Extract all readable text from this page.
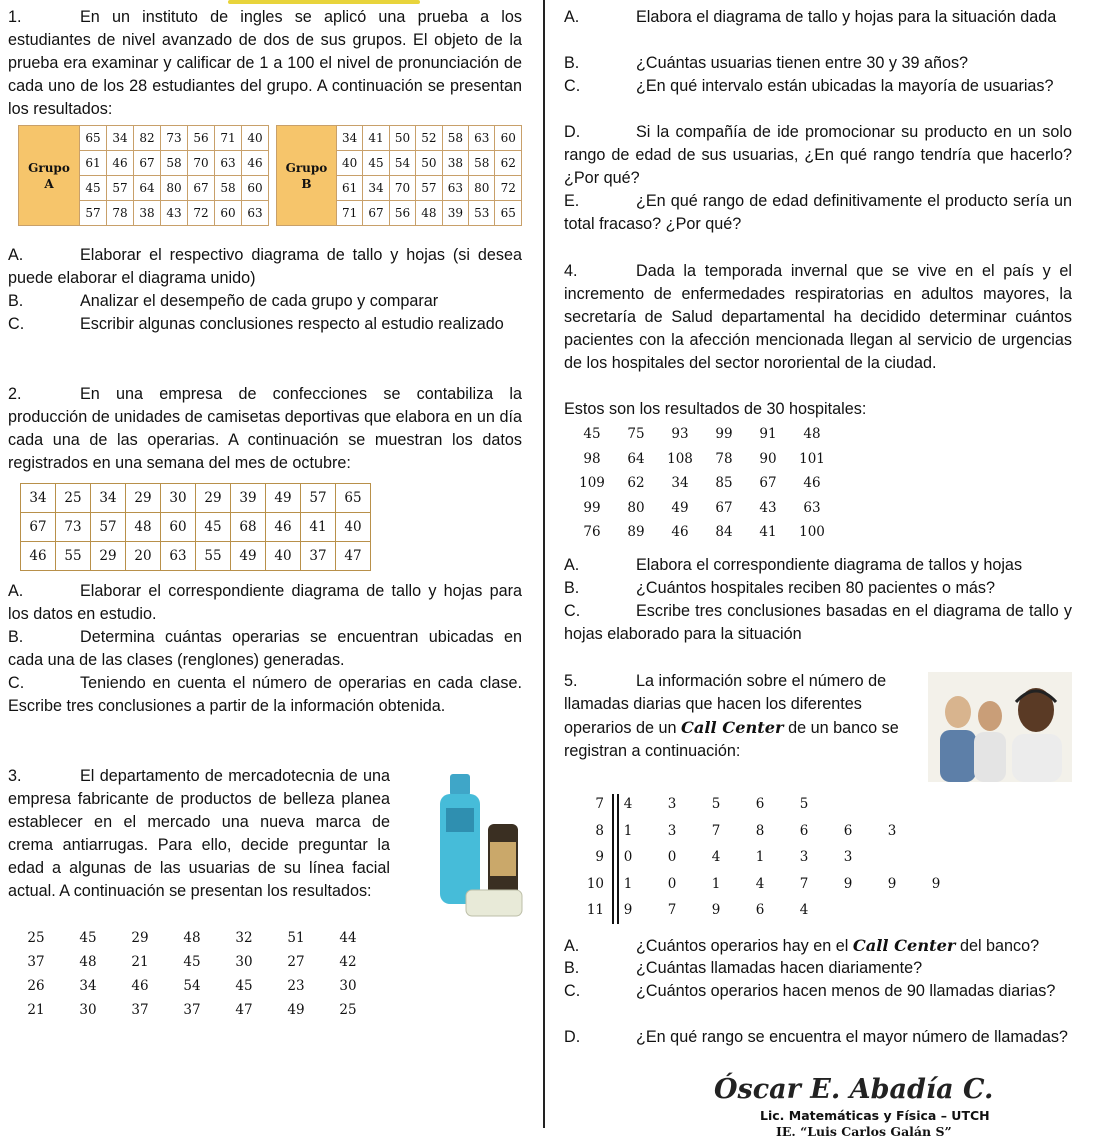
1.	En un instituto de ingles se aplicó una prueba a los estudiantes de nivel avanzado de dos de sus grupos. El objeto de la prueba era examinar y calificar de 1 a 100 el nivel de pronunciación de cada uno de los 28 estudiantes del grupo. A continuación se presentan los resultados:

Grupo
A	65	34	82	73	56	71	40
	61	46	67	58	70	63	46
	45	57	64	80	67	58	60
	57	78	38	43	72	60	63
Grupo
B	34	41	50	52	58	63	60
	40	45	54	50	38	58	62
	61	34	70	57	63	80	72
	71	67	56	48	39	53	65

A.	Elaborar el respectivo diagrama de tallo y hojas (si desea puede elaborar el diagrama unido)

B.	Analizar el desempeño de cada grupo y comparar

C.	Escribir algunas conclusiones respecto al estudio realizado

2.	En una empresa de confecciones se contabiliza la producción de unidades de camisetas deportivas que elabora en un día cada una de las operarias. A continuación se muestran los datos registrados en una semana del mes de octubre:

34	25	34	29	30	29	39	49	57	65
67	73	57	48	60	45	68	46	41	40
46	55	29	20	63	55	49	40	37	47

A.	Elaborar el correspondiente diagrama de tallo y hojas para los datos en estudio.

B.	Determina cuántas operarias se encuentran ubicadas en cada una de las clases (renglones) generadas.

C.	Teniendo en cuenta el número de operarias en cada clase. Escribe tres conclusiones a partir de la información obtenida.

3.	El departamento de mercadotecnia de una empresa fabricante de productos de belleza planea establecer en el mercado una nueva marca de crema antiarrugas. Para ello, decide preguntar la edad a algunas de las usuarias de su línea facial actual. A continuación se presentan los resultados:

25	45	29	48	32	51	44
37	48	21	45	30	27	42
26	34	46	54	45	23	30
21	30	37	37	47	49	25

A.	Elabora el diagrama de tallo y hojas para la situación dada

B.	¿Cuántas usuarias tienen entre 30 y 39 años?

C.	¿En qué intervalo están ubicadas la mayoría de usuarias?

D.	Si la compañía de ide promocionar su producto en un solo rango de edad de sus usuarias, ¿En qué rango tendría que hacerlo? ¿Por qué?

E.	¿En qué rango de edad definitivamente el producto sería un total fracaso? ¿Por qué?

4.	Dada la temporada invernal que se vive en el país y el incremento de enfermedades respiratorias en adultos mayores, la secretaría de Salud departamental ha decidido determinar cuántos pacientes con la afección mencionada llegan al servicio de urgencias de los hospitales del sector nororiental de la ciudad.

Estos son los resultados de 30 hospitales:

45	75	93	99	91	48
98	64	108	78	90	101
109	62	34	85	67	46
99	80	49	67	43	63
76	89	46	84	41	100

A.	Elabora el correspondiente diagrama de tallos y hojas

B.	¿Cuántos hospitales reciben 80 pacientes o más?

C.	Escribe tres conclusiones basadas en el diagrama de tallo y hojas elaborado para la situación

5.	La información sobre el número de
llamadas diarias que hacen los diferentes
operarios de un Call Center de un banco se
registran a continuación:
7	4	3	5	6	5
8	1	3	7	8	6	6	3
9	0	0	4	1	3	3
10	1	0	1	4	7	9	9	9
11	9	7	9	6	4

A.	¿Cuántos operarios hay en el Call Center del banco?

B.	¿Cuántas llamadas hacen diariamente?

C.	¿Cuántos operarios hacen menos de 90 llamadas diarias?

D.	¿En qué rango se encuentra el mayor número de llamadas?

Óscar E. Abadía C.
Lic. Matemáticas y Física – UTCH
IE. “Luis Carlos Galán S”
